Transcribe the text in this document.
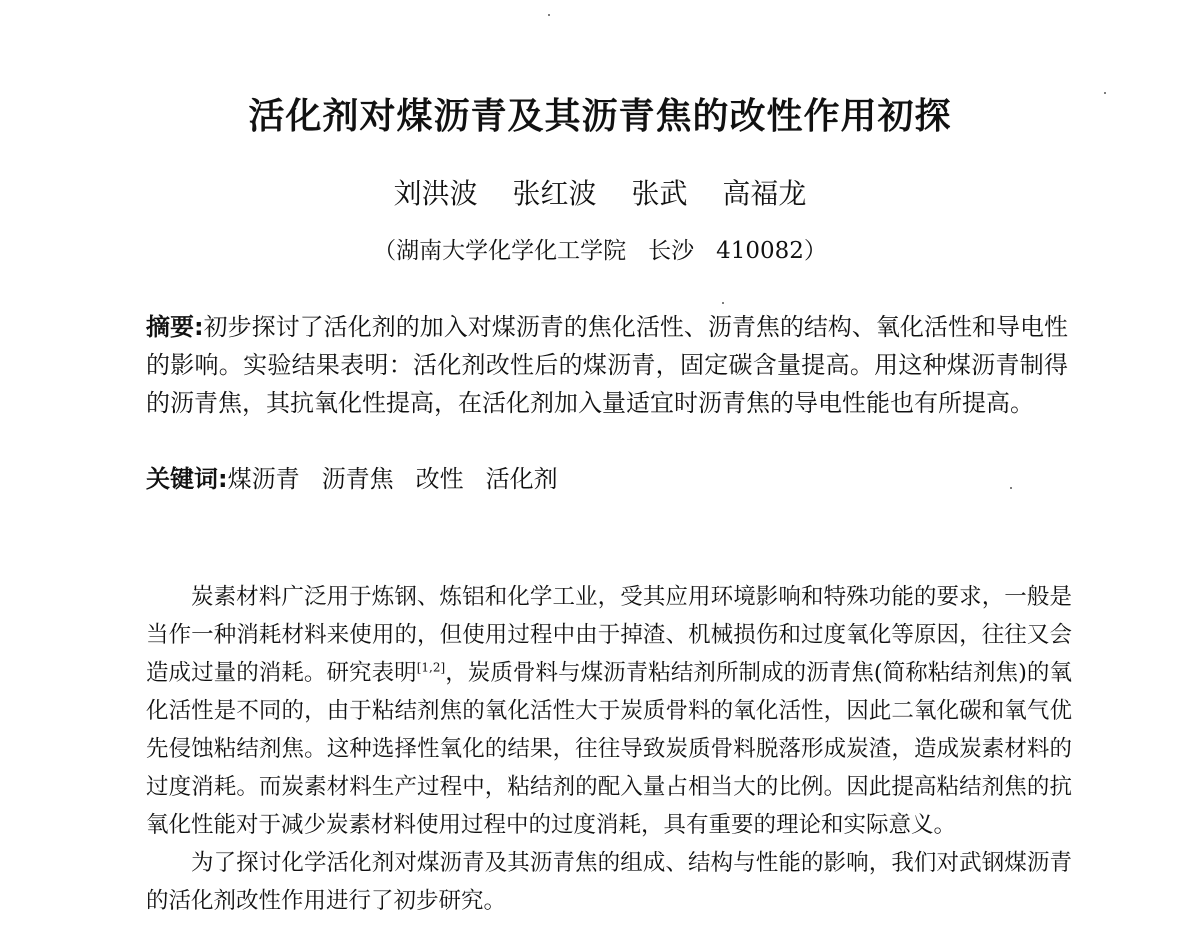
活化剂对煤沥青及其沥青焦的改性作用初探
刘洪波 张红波 张武 高福龙
（湖南大学化学化工学院 长沙 410082）
摘要:初步探讨了活化剂的加入对煤沥青的焦化活性、沥青焦的结构、氧化活性和导电性的影响。实验结果表明：活化剂改性后的煤沥青，固定碳含量提高。用这种煤沥青制得的沥青焦，其抗氧化性提高，在活化剂加入量适宜时沥青焦的导电性能也有所提高。
关键词:煤沥青 沥青焦 改性 活化剂

炭素材料广泛用于炼钢、炼铝和化学工业，受其应用环境影响和特殊功能的要求，一般是当作一种消耗材料来使用的，但使用过程中由于掉渣、机械损伤和过度氧化等原因，往往又会造成过量的消耗。研究表明[1,2]，炭质骨料与煤沥青粘结剂所制成的沥青焦(简称粘结剂焦)的氧化活性是不同的，由于粘结剂焦的氧化活性大于炭质骨料的氧化活性，因此二氧化碳和氧气优先侵蚀粘结剂焦。这种选择性氧化的结果，往往导致炭质骨料脱落形成炭渣，造成炭素材料的过度消耗。而炭素材料生产过程中，粘结剂的配入量占相当大的比例。因此提高粘结剂焦的抗氧化性能对于减少炭素材料使用过程中的过度消耗，具有重要的理论和实际意义。

为了探讨化学活化剂对煤沥青及其沥青焦的组成、结构与性能的影响，我们对武钢煤沥青的活化剂改性作用进行了初步研究。
